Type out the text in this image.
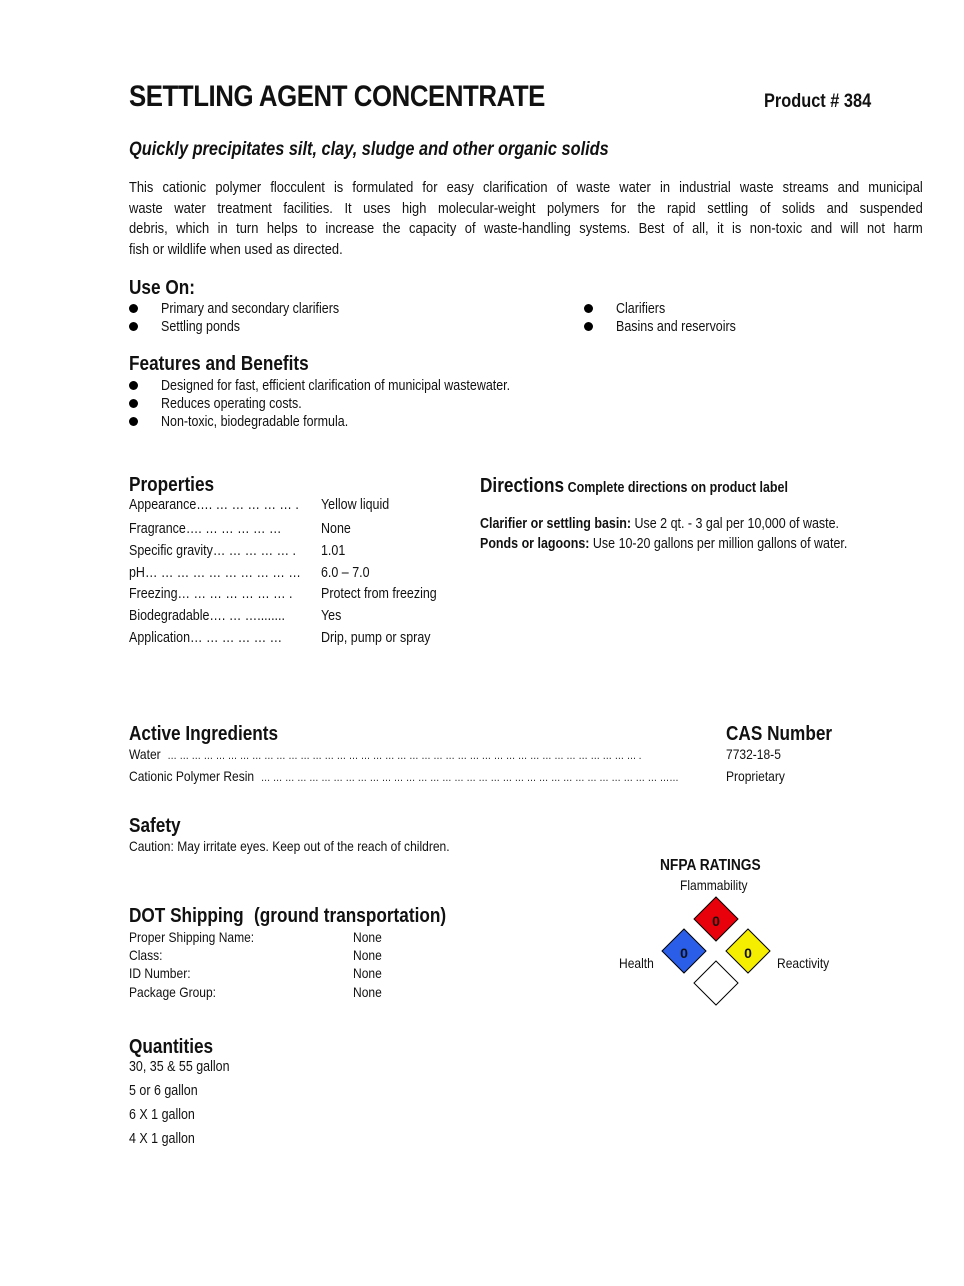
SETTLING AGENT CONCENTRATE	Product # 384
Quickly precipitates silt, clay, sludge and other organic solids
This cationic polymer flocculent is formulated for easy clarification of waste water in industrial waste streams and municipal
waste water treatment facilities. It uses high molecular-weight polymers for the rapid settling of solids and suspended
debris, which in turn helps to increase the capacity of waste-handling systems. Best of all, it is non-toxic and will not harm
fish or wildlife when used as directed.
Use On:
Primary and secondary clarifiers
Settling ponds
Clarifiers
Basins and reservoirs
Features and Benefits
Designed for fast, efficient clarification of municipal wastewater.
Reduces operating costs.
Non-toxic, biodegradable formula.
Properties
Appearance…. … … … … … . Yellow liquid
Fragrance…. … … … … …	None
Specific gravity… … … … … . 1.01
pH… … … … … … … … … … 6.0 – 7.0
Freezing… … … … … … … . Protect from freezing
Biodegradable…. … …........ Yes
Application… … … … … …	Drip, pump or spray
Directions Complete directions on product label
Clarifier or settling basin: Use 2 qt. - 3 gal per 10,000 of waste.
Ponds or lagoons: Use 10-20 gallons per million gallons of water.
Active Ingredients	CAS Number
Water … … … … … … … … … … … … … … … … … … … … … … … … … … … … … … … … … … … … … … … .	7732-18-5
Cationic Polymer Resin … … … … … … … … … … … … … … … … … … … … … … … … … … … … … … … … … ……	Proprietary
Safety
Caution: May irritate eyes. Keep out of the reach of children.
NFPA RATINGS
Flammability
Health	Reactivity
0
0	0
DOT Shipping (ground transportation)
Proper Shipping Name:	None
Class:	None
ID Number:	None
Package Group:	None
Quantities
30, 35 & 55 gallon
5 or 6 gallon
6 X 1 gallon
4 X 1 gallon
